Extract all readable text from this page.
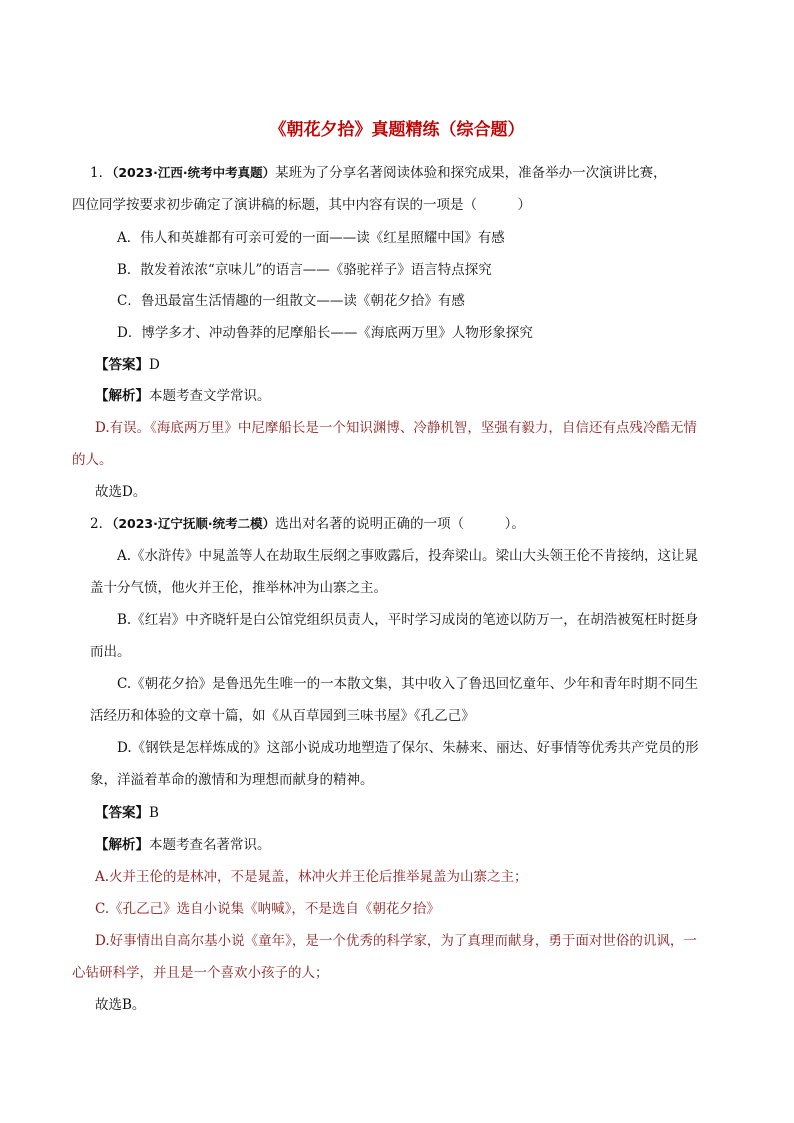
《朝花夕拾》真题精练（综合题）
1．（2023·江西·统考中考真题）某班为了分享名著阅读体验和探究成果，准备举办一次演讲比赛，
四位同学按要求初步确定了演讲稿的标题，其中内容有误的一项是（　　　）
A．伟人和英雄都有可亲可爱的一面——读《红星照耀中国》有感
B．散发着浓浓“京味儿”的语言——《骆驼祥子》语言特点探究
C．鲁迅最富生活情趣的一组散文——读《朝花夕拾》有感
D．博学多才、冲动鲁莽的尼摩船长——《海底两万里》人物形象探究
【答案】D
【解析】本题考查文学常识。
D.有误。《海底两万里》中尼摩船长是一个知识渊博、冷静机智，坚强有毅力，自信还有点残冷酷无情
的人。
故选D。
2．（2023·辽宁抚顺·统考二模）选出对名著的说明正确的一项（　　　）。
A.《水浒传》中晁盖等人在劫取生辰纲之事败露后，投奔梁山。梁山大头领王伦不肯接纳，这让晁
盖十分气愤，他火并王伦，推举林冲为山寨之主。
B.《红岩》中齐晓轩是白公馆党组织员责人，平时学习成岗的笔迹以防万一，在胡浩被冤枉时挺身
而出。
C.《朝花夕拾》是鲁迅先生唯一的一本散文集，其中收入了鲁迅回忆童年、少年和青年时期不同生
活经历和体验的文章十篇，如《从百草园到三味书屋》《孔乙己》
D.《钢铁是怎样炼成的》这部小说成功地塑造了保尔、朱赫来、丽达、好事情等优秀共产党员的形
象，洋溢着革命的激情和为理想而献身的精神。
【答案】B
【解析】本题考查名著常识。
A.火并王伦的是林冲，不是晁盖，林冲火并王伦后推举晁盖为山寨之主；
C.《孔乙己》选自小说集《呐喊》，不是选自《朝花夕拾》
D.好事情出自高尔基小说《童年》，是一个优秀的科学家，为了真理而献身，勇于面对世俗的讥讽，一
心钻研科学，并且是一个喜欢小孩子的人；
故选B。
